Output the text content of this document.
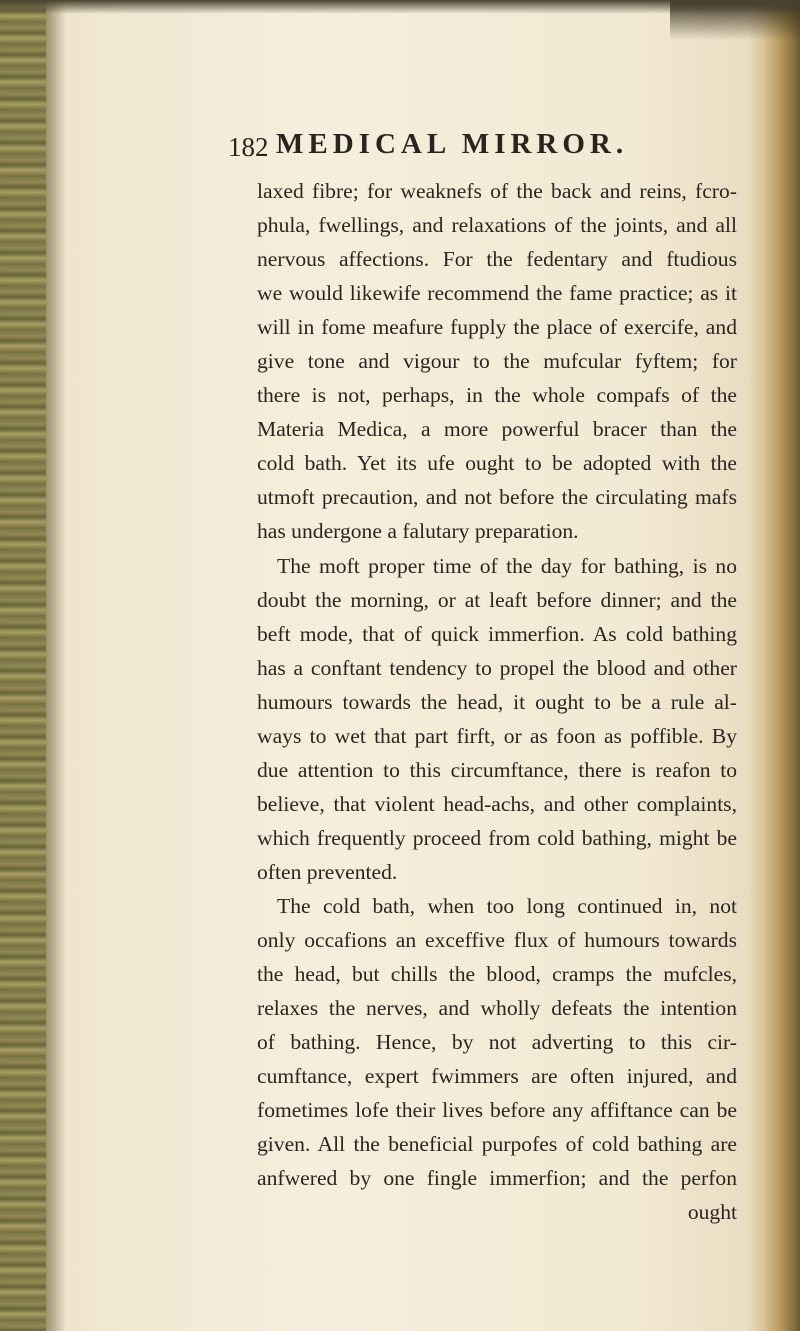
182 MEDICAL MIRROR.
laxed fibre; for weaknefs of the back and reins, fcro-
phula, fwellings, and relaxations of the joints, and all
nervous affections. For the fedentary and ftudious
we would likewife recommend the fame practice; as it
will in fome meafure fupply the place of exercife, and
give tone and vigour to the mufcular fyftem; for
there is not, perhaps, in the whole compafs of the
Materia Medica, a more powerful bracer than the
cold bath. Yet its ufe ought to be adopted with the
utmoft precaution, and not before the circulating mafs
has undergone a falutary preparation.
The moft proper time of the day for bathing, is no
doubt the morning, or at leaft before dinner; and the
beft mode, that of quick immerfion. As cold bathing
has a conftant tendency to propel the blood and other
humours towards the head, it ought to be a rule al-
ways to wet that part firft, or as foon as poffible. By
due attention to this circumftance, there is reafon to
believe, that violent head-achs, and other complaints,
which frequently proceed from cold bathing, might be
often prevented.
The cold bath, when too long continued in, not
only occafions an exceffive flux of humours towards
the head, but chills the blood, cramps the mufcles,
relaxes the nerves, and wholly defeats the intention
of bathing. Hence, by not adverting to this cir-
cumftance, expert fwimmers are often injured, and
fometimes lofe their lives before any affiftance can be
given. All the beneficial purpofes of cold bathing are
anfwered by one fingle immerfion; and the perfon
ought
